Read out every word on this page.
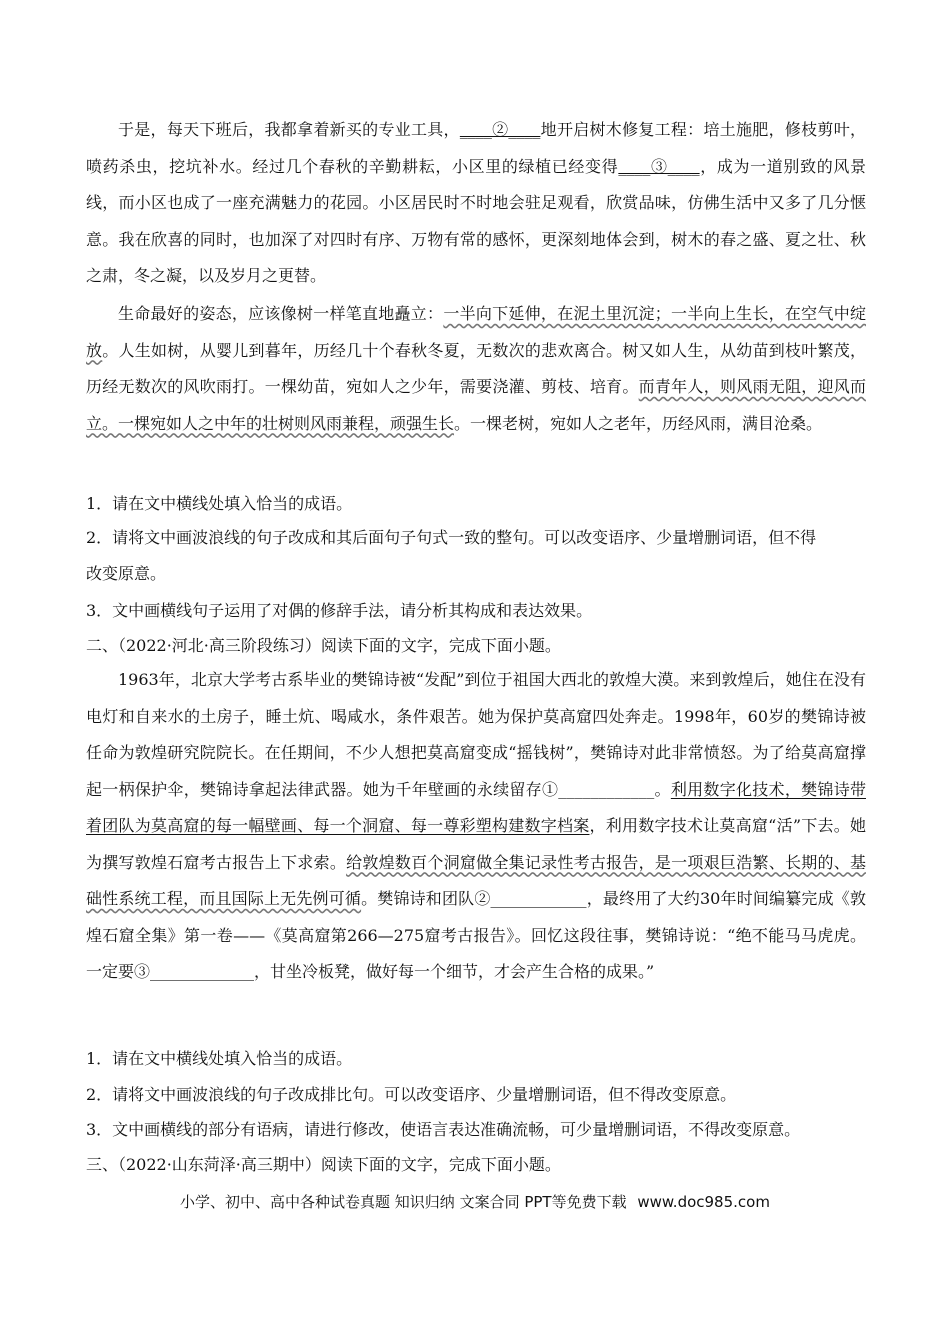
于是，每天下班后，我都拿着新买的专业工具，____②____地开启树木修复工程：培土施肥，修枝剪叶，喷药杀虫，挖坑补水。经过几个春秋的辛勤耕耘，小区里的绿植已经变得____③____，成为一道别致的风景线，而小区也成了一座充满魅力的花园。小区居民时不时地会驻足观看，欣赏品味，仿佛生活中又多了几分惬意。我在欣喜的同时，也加深了对四时有序、万物有常的感怀，更深刻地体会到，树木的春之盛、夏之壮、秋之肃，冬之凝，以及岁月之更替。

生命最好的姿态，应该像树一样笔直地矗立：一半向下延伸，在泥土里沉淀；一半向上生长，在空气中绽放。人生如树，从婴儿到暮年，历经几十个春秋冬夏，无数次的悲欢离合。树又如人生，从幼苗到枝叶繁茂，历经无数次的风吹雨打。一棵幼苗，宛如人之少年，需要浇灌、剪枝、培育。而青年人，则风雨无阻，迎风而立。一棵宛如人之中年的壮树则风雨兼程，顽强生长。一棵老树，宛如人之老年，历经风雨，满目沧桑。

1．请在文中横线处填入恰当的成语。

2．请将文中画波浪线的句子改成和其后面句子句式一致的整句。可以改变语序、少量增删词语，但不得

改变原意。

3．文中画横线句子运用了对偶的修辞手法，请分析其构成和表达效果。

二、（2022·河北·高三阶段练习）阅读下面的文字，完成下面小题。

1963年，北京大学考古系毕业的樊锦诗被“发配”到位于祖国大西北的敦煌大漠。来到敦煌后，她住在没有电灯和自来水的土房子，睡土炕、喝咸水，条件艰苦。她为保护莫高窟四处奔走。1998年，60岁的樊锦诗被任命为敦煌研究院院长。在任期间，不少人想把莫高窟变成“摇钱树”，樊锦诗对此非常愤怒。为了给莫高窟撑起一柄保护伞，樊锦诗拿起法律武器。她为千年壁画的永续留存①____________。利用数字化技术，樊锦诗带着团队为莫高窟的每一幅壁画、每一个洞窟、每一尊彩塑构建数字档案，利用数字技术让莫高窟“活”下去。她为撰写敦煌石窟考古报告上下求索。给敦煌数百个洞窟做全集记录性考古报告，是一项艰巨浩繁、长期的、基础性系统工程，而且国际上无先例可循。樊锦诗和团队②____________，最终用了大约30年时间编纂完成《敦煌石窟全集》第一卷——《莫高窟第266—275窟考古报告》。回忆这段往事，樊锦诗说：“绝不能马马虎虎。一定要③_____________，甘坐冷板凳，做好每一个细节，才会产生合格的成果。”

1．请在文中横线处填入恰当的成语。

2．请将文中画波浪线的句子改成排比句。可以改变语序、少量增删词语，但不得改变原意。

3．文中画横线的部分有语病，请进行修改，使语言表达准确流畅，可少量增删词语，不得改变原意。

三、（2022·山东菏泽·高三期中）阅读下面的文字，完成下面小题。

小学、初中、高中各种试卷真题 知识归纳 文案合同 PPT等免费下载 www.doc985.com
